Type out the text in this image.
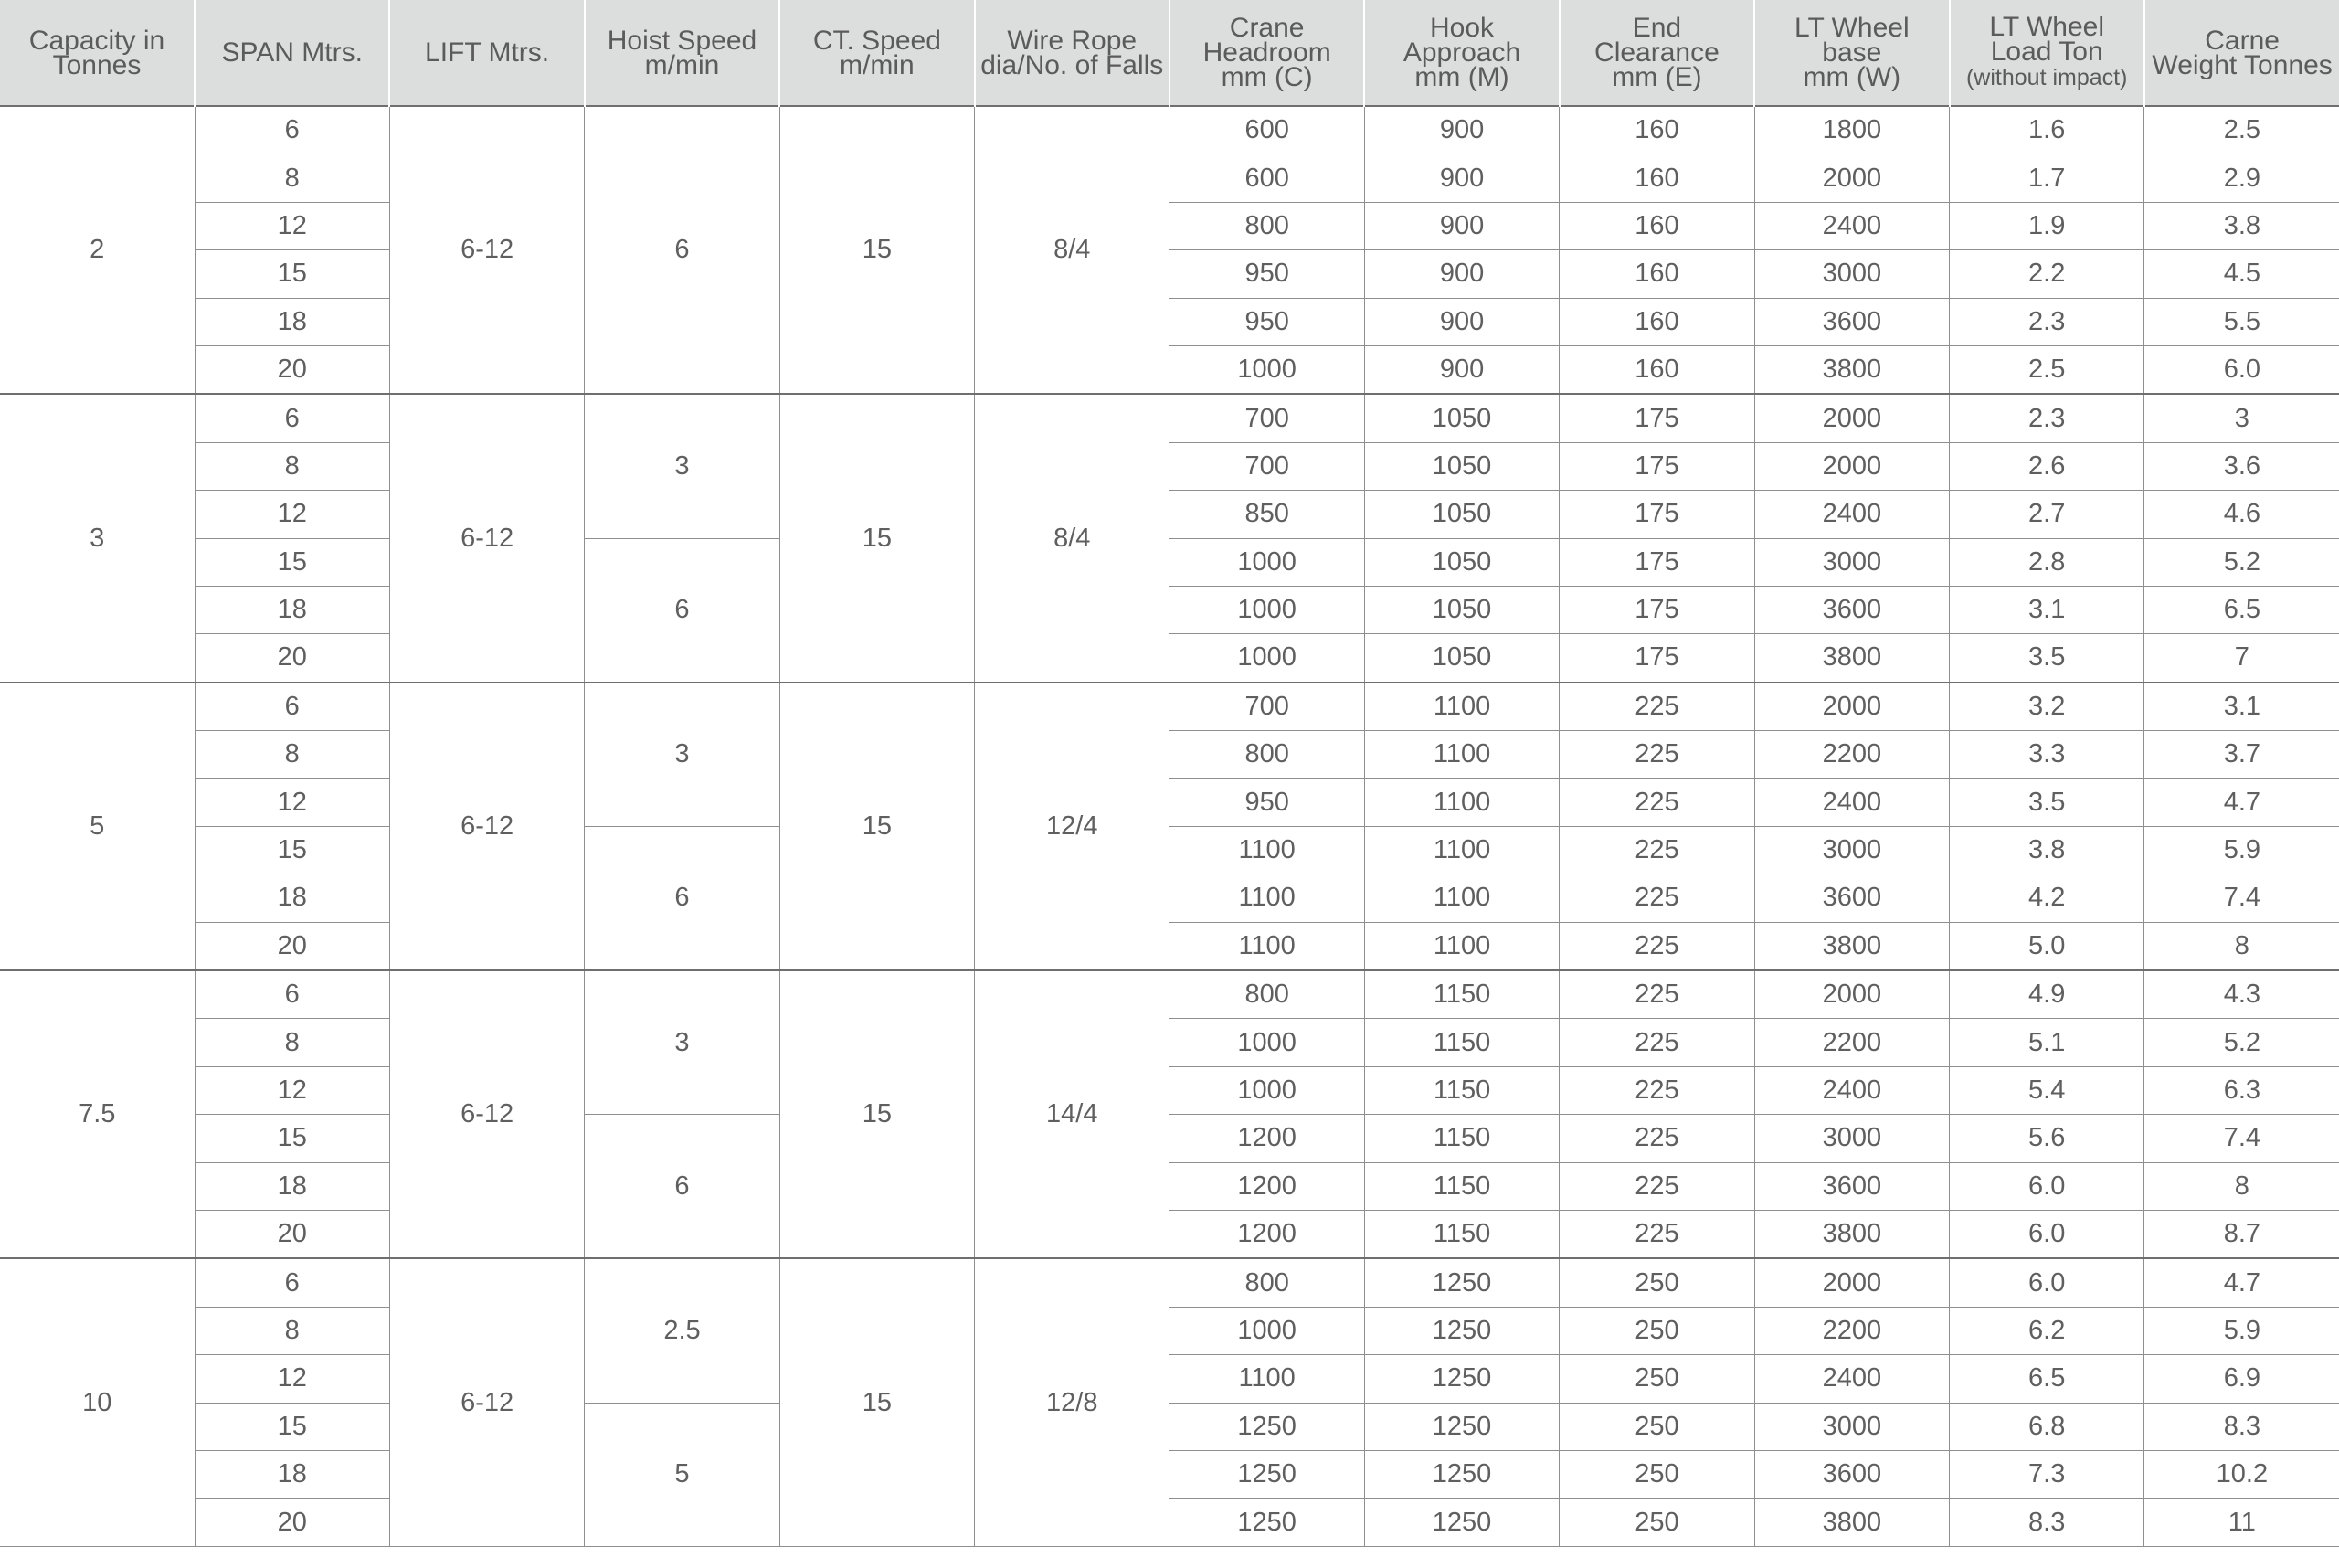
Capacity in
Tonnes	SPAN Mtrs.	LIFT Mtrs.	Hoist Speed
m/min	CT. Speed
m/min	Wire Rope
dia/No. of Falls	Crane
Headroom
mm (C)	Hook
Approach
mm (M)	End
Clearance
mm (E)	LT Wheel
base
mm (W)	LT Wheel
Load Ton
(without impact)	Carne
Weight Tonnes
2	6	6-12	6	15	8/4	600	900	160	1800	1.6	2.5
	8					600	900	160	2000	1.7	2.9
	12					800	900	160	2400	1.9	3.8
	15					950	900	160	3000	2.2	4.5
	18					950	900	160	3600	2.3	5.5
	20					1000	900	160	3800	2.5	6.0
3	6	6-12	3	15	8/4	700	1050	175	2000	2.3	3
	8					700	1050	175	2000	2.6	3.6
	12					850	1050	175	2400	2.7	4.6
	15		6			1000	1050	175	3000	2.8	5.2
	18					1000	1050	175	3600	3.1	6.5
	20					1000	1050	175	3800	3.5	7
5	6	6-12	3	15	12/4	700	1100	225	2000	3.2	3.1
	8					800	1100	225	2200	3.3	3.7
	12					950	1100	225	2400	3.5	4.7
	15		6			1100	1100	225	3000	3.8	5.9
	18					1100	1100	225	3600	4.2	7.4
	20					1100	1100	225	3800	5.0	8
7.5	6	6-12	3	15	14/4	800	1150	225	2000	4.9	4.3
	8					1000	1150	225	2200	5.1	5.2
	12					1000	1150	225	2400	5.4	6.3
	15		6			1200	1150	225	3000	5.6	7.4
	18					1200	1150	225	3600	6.0	8
	20					1200	1150	225	3800	6.0	8.7
10	6	6-12	2.5	15	12/8	800	1250	250	2000	6.0	4.7
	8					1000	1250	250	2200	6.2	5.9
	12					1100	1250	250	2400	6.5	6.9
	15		5			1250	1250	250	3000	6.8	8.3
	18					1250	1250	250	3600	7.3	10.2
	20					1250	1250	250	3800	8.3	11
